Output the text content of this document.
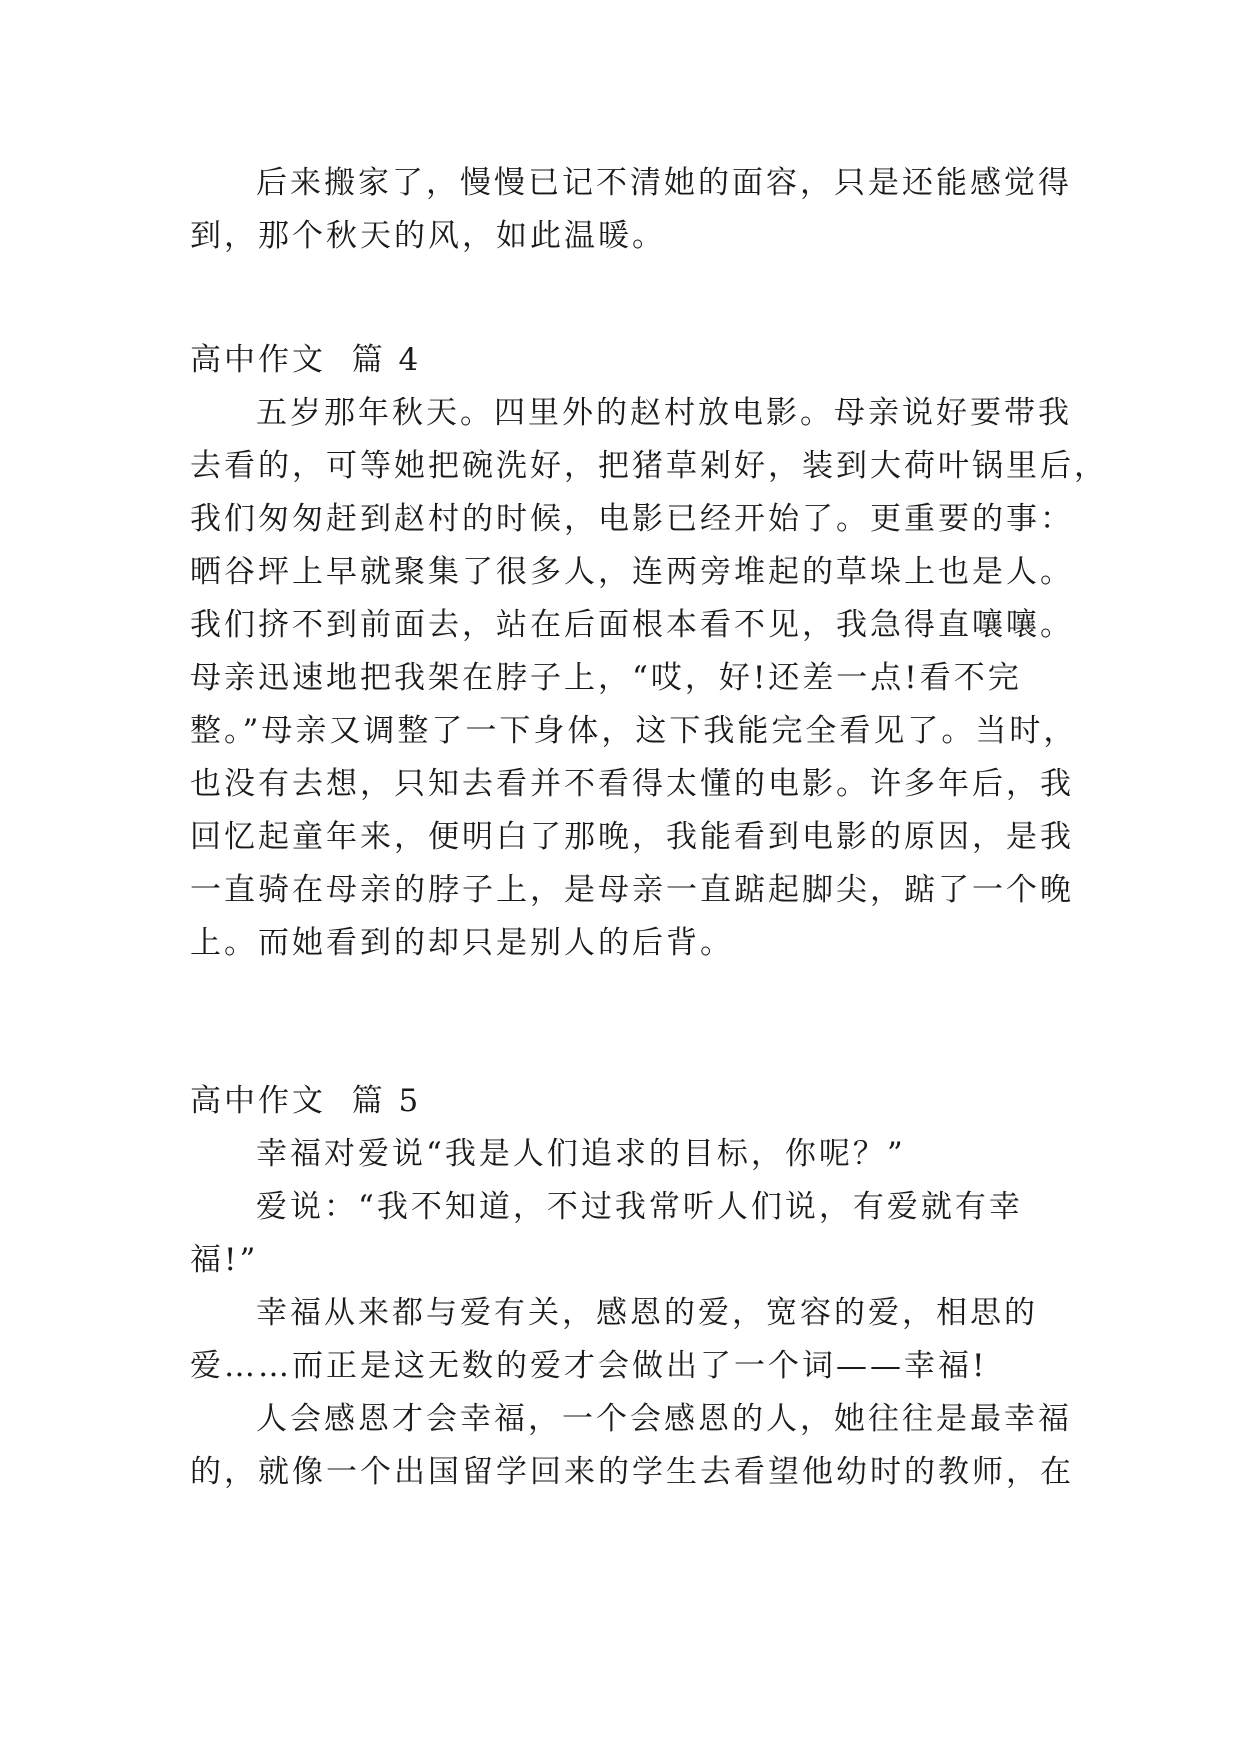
后来搬家了，慢慢已记不清她的面容，只是还能感觉得
到，那个秋天的风，如此温暖。
高中作文  篇 4
五岁那年秋天。四里外的赵村放电影。母亲说好要带我
去看的，可等她把碗洗好，把猪草剁好，装到大荷叶锅里后，
我们匆匆赶到赵村的时候，电影已经开始了。更重要的事：
晒谷坪上早就聚集了很多人，连两旁堆起的草垛上也是人。
我们挤不到前面去，站在后面根本看不见，我急得直嚷嚷。
母亲迅速地把我架在脖子上，“哎，好!还差一点!看不完
整。”母亲又调整了一下身体，这下我能完全看见了。当时，
也没有去想，只知去看并不看得太懂的电影。许多年后，我
回忆起童年来，便明白了那晚，我能看到电影的原因，是我
一直骑在母亲的脖子上，是母亲一直踮起脚尖，踮了一个晚
上。而她看到的却只是别人的后背。
高中作文  篇 5
幸福对爱说“我是人们追求的目标，你呢？”
爱说：“我不知道，不过我常听人们说，有爱就有幸
福!”
幸福从来都与爱有关，感恩的爱，宽容的爱，相思的
爱……而正是这无数的爱才会做出了一个词——幸福!
人会感恩才会幸福，一个会感恩的人，她往往是最幸福
的，就像一个出国留学回来的学生去看望他幼时的教师，在
